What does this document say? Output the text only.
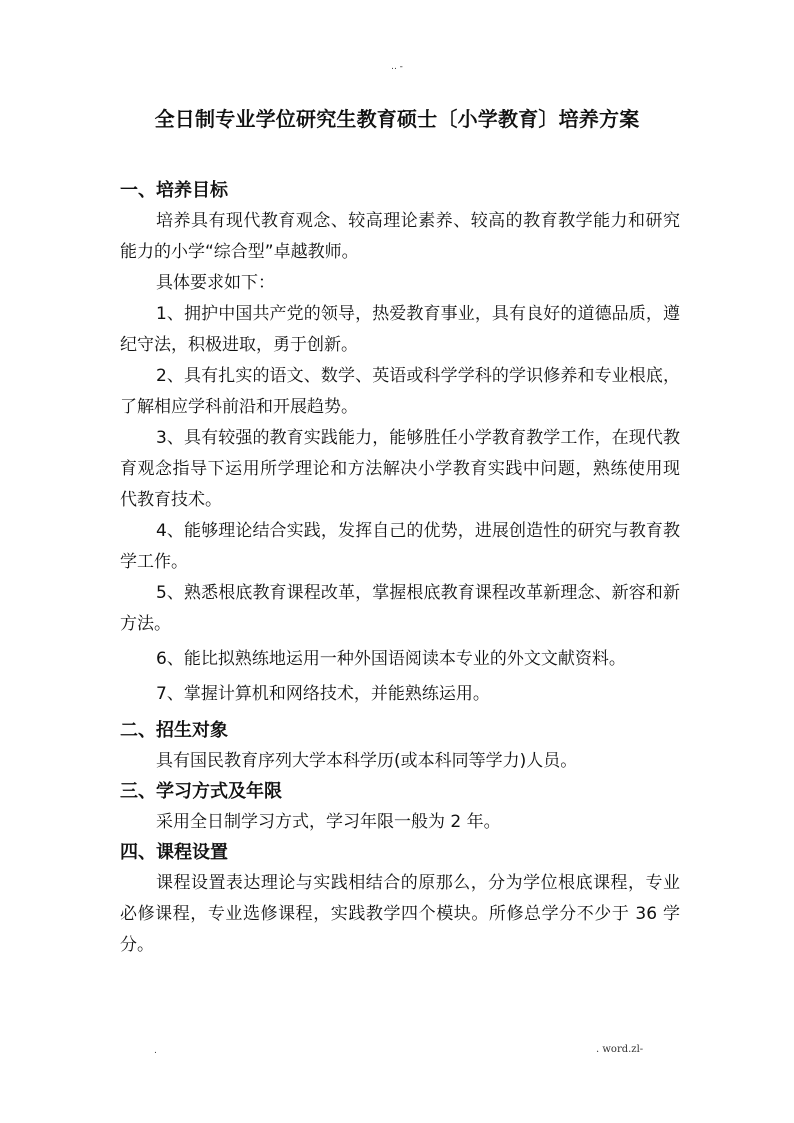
.. -
全日制专业学位研究生教育硕士〔小学教育〕培养方案

一、培养目标

培养具有现代教育观念、较高理论素养、较高的教育教学能力和研究能力的小学“综合型”卓越教师。

具体要求如下：

1、拥护中国共产党的领导，热爱教育事业，具有良好的道德品质，遵纪守法，积极进取，勇于创新。

2、具有扎实的语文、数学、英语或科学学科的学识修养和专业根底，了解相应学科前沿和开展趋势。

3、具有较强的教育实践能力，能够胜任小学教育教学工作，在现代教育观念指导下运用所学理论和方法解决小学教育实践中问题，熟练使用现代教育技术。

4、能够理论结合实践，发挥自己的优势，进展创造性的研究与教育教学工作。

5、熟悉根底教育课程改革，掌握根底教育课程改革新理念、新容和新方法。

6、能比拟熟练地运用一种外国语阅读本专业的外文文献资料。

7、掌握计算机和网络技术，并能熟练运用。

二、招生对象

具有国民教育序列大学本科学历(或本科同等学力)人员。

三、学习方式及年限

采用全日制学习方式，学习年限一般为 2 年。

四、课程设置

课程设置表达理论与实践相结合的原那么，分为学位根底课程，专业必修课程，专业选修课程，实践教学四个模块。所修总学分不少于 36 学分。

.	. word.zl-
